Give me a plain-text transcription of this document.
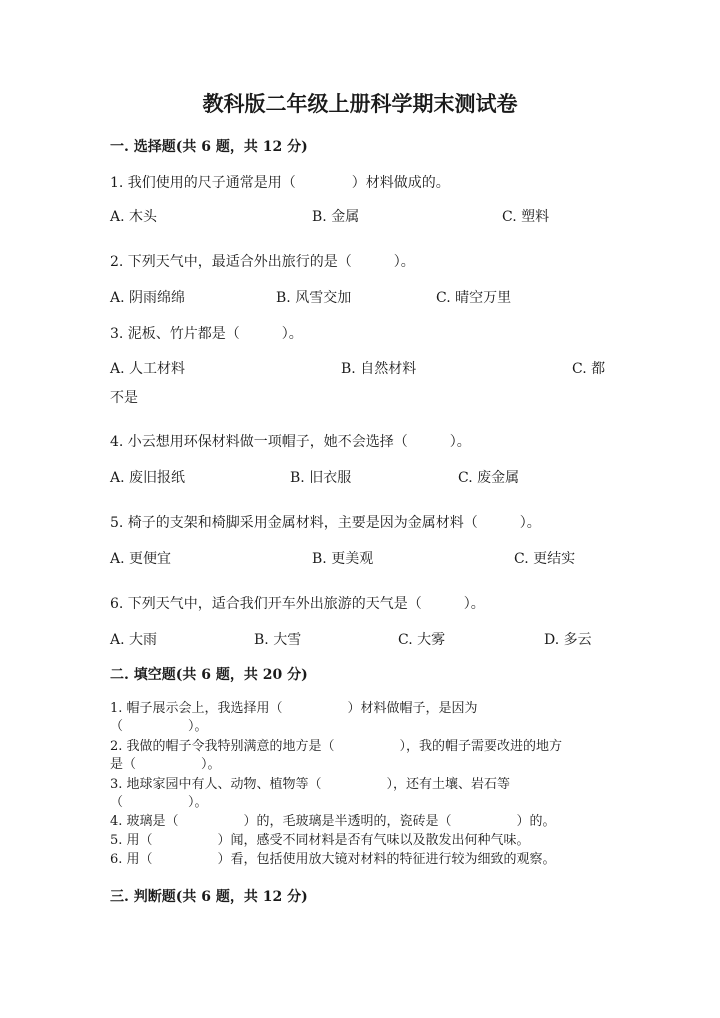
教科版二年级上册科学期末测试卷
一. 选择题(共 6 题，共 12 分)
1. 我们使用的尺子通常是用（　　　　）材料做成的。
A. 木头	B. 金属	C. 塑料
2. 下列天气中，最适合外出旅行的是（　　　）。
A. 阴雨绵绵	B. 风雪交加	C. 晴空万里
3. 泥板、竹片都是（　　　）。
A. 人工材料	B. 自然材料	C. 都
不是
4. 小云想用环保材料做一项帽子，她不会选择（　　　）。
A. 废旧报纸	B. 旧衣服	C. 废金属
5. 椅子的支架和椅脚采用金属材料，主要是因为金属材料（　　　）。
A. 更便宜	B. 更美观	C. 更结实
6. 下列天气中，适合我们开车外出旅游的天气是（　　　）。
A. 大雨	B. 大雪	C. 大雾	D. 多云
二. 填空题(共 6 题，共 20 分)
1. 帽子展示会上，我选择用（　　　　　）材料做帽子，是因为
（　　　　　）。
2. 我做的帽子令我特别满意的地方是（　　　　　），我的帽子需要改进的地方
是（　　　　　）。
3. 地球家园中有人、动物、植物等（　　　　　），还有土壤、岩石等
（　　　　　）。
4. 玻璃是（　　　　　）的，毛玻璃是半透明的，瓷砖是（　　　　　）的。
5. 用（　　　　　）闻，感受不同材料是否有气味以及散发出何种气味。
6. 用（　　　　　）看，包括使用放大镜对材料的特征进行较为细致的观察。
三. 判断题(共 6 题，共 12 分)
